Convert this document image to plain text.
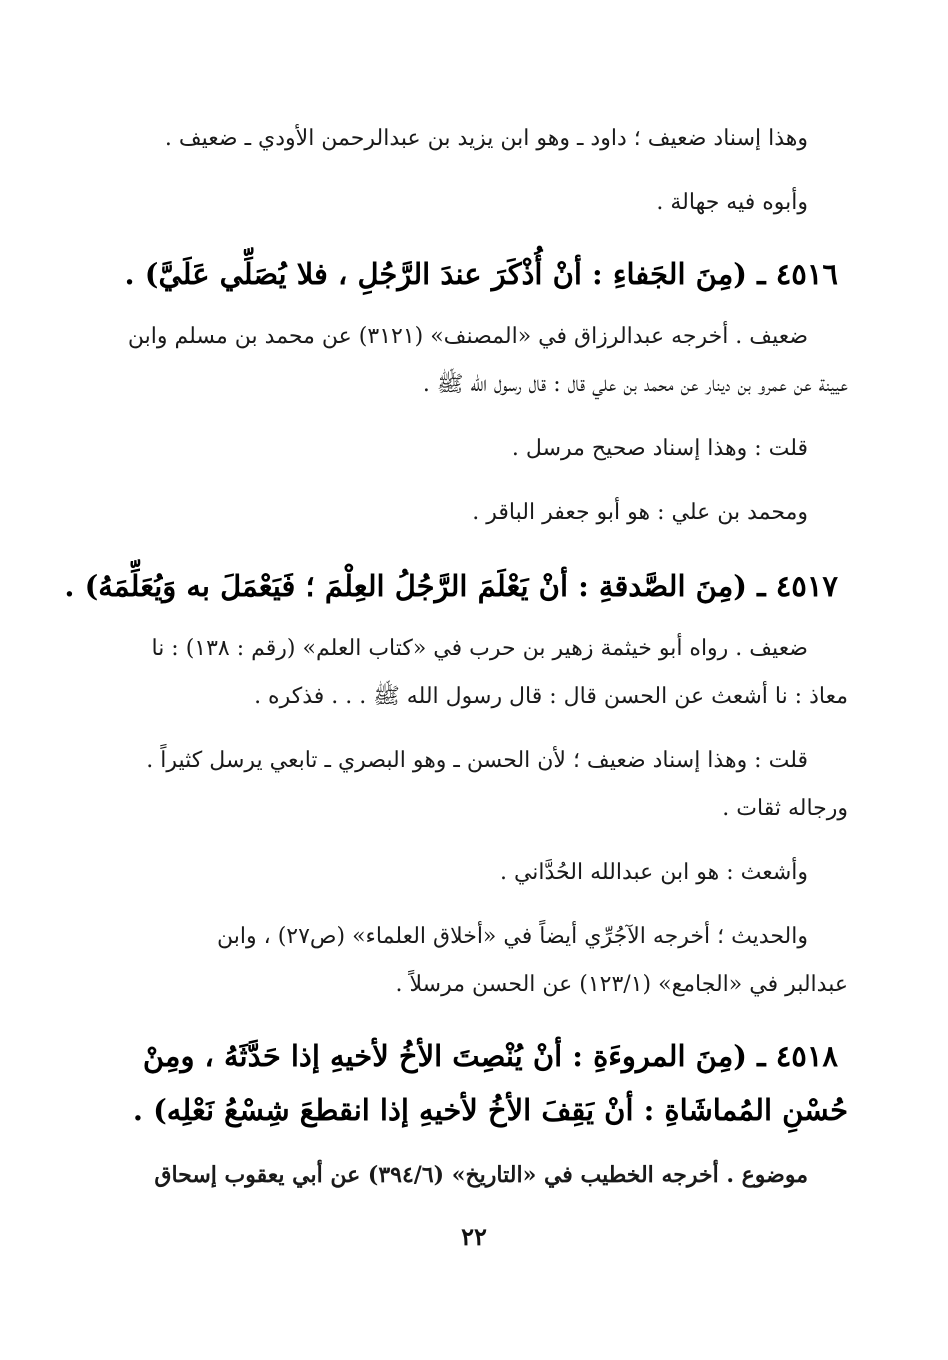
وهذا إسناد ضعيف ؛ داود ـ وهو ابن يزيد بن عبدالرحمن الأودي ـ ضعيف .
وأبوه فيه جهالة .
٤٥١٦ ـ (مِنَ الجَفاءِ : أنْ أُذْكَرَ عندَ الرَّجُلِ ، فلا يُصَلِّي عَلَيَّ) .
ضعيف . أخرجه عبدالرزاق في «المصنف» (٣١٢١) عن محمد بن مسلم وابن
عيينة عن عمرو بن دينار عن محمد بن علي قال : قال رسول الله ﷺ .
قلت : وهذا إسناد صحيح مرسل .
ومحمد بن علي : هو أبو جعفر الباقر .
٤٥١٧ ـ (مِنَ الصَّدقةِ : أنْ يَعْلَمَ الرَّجُلُ العِلْمَ ؛ فَيَعْمَلَ به وَيُعَلِّمَهُ) .
ضعيف . رواه أبو خيثمة زهير بن حرب في «كتاب العلم» (رقم : ١٣٨) : نا
معاذ : نا أشعث عن الحسن قال : قال رسول الله ﷺ . . . فذكره .
قلت : وهذا إسناد ضعيف ؛ لأن الحسن ـ وهو البصري ـ تابعي يرسل كثيراً .
ورجاله ثقات .
وأشعث : هو ابن عبدالله الحُدَّاني .
والحديث ؛ أخرجه الآجُرِّي أيضاً في «أخلاق العلماء» (ص٢٧) ، وابن
عبدالبر في «الجامع» (١٢٣/١) عن الحسن مرسلاً .
٤٥١٨ ـ (مِنَ المروءَةِ : أنْ يُنْصِتَ الأخُ لأخيهِ إذا حَدَّثَهُ ، ومِنْ
حُسْنِ المُماشَاةِ : أنْ يَقِفَ الأخُ لأخيهِ إذا انقطعَ شِسْعُ نَعْلِه) .
موضوع . أخرجه الخطيب في «التاريخ» (٣٩٤/٦) عن أبي يعقوب إسحاق
٢٢
